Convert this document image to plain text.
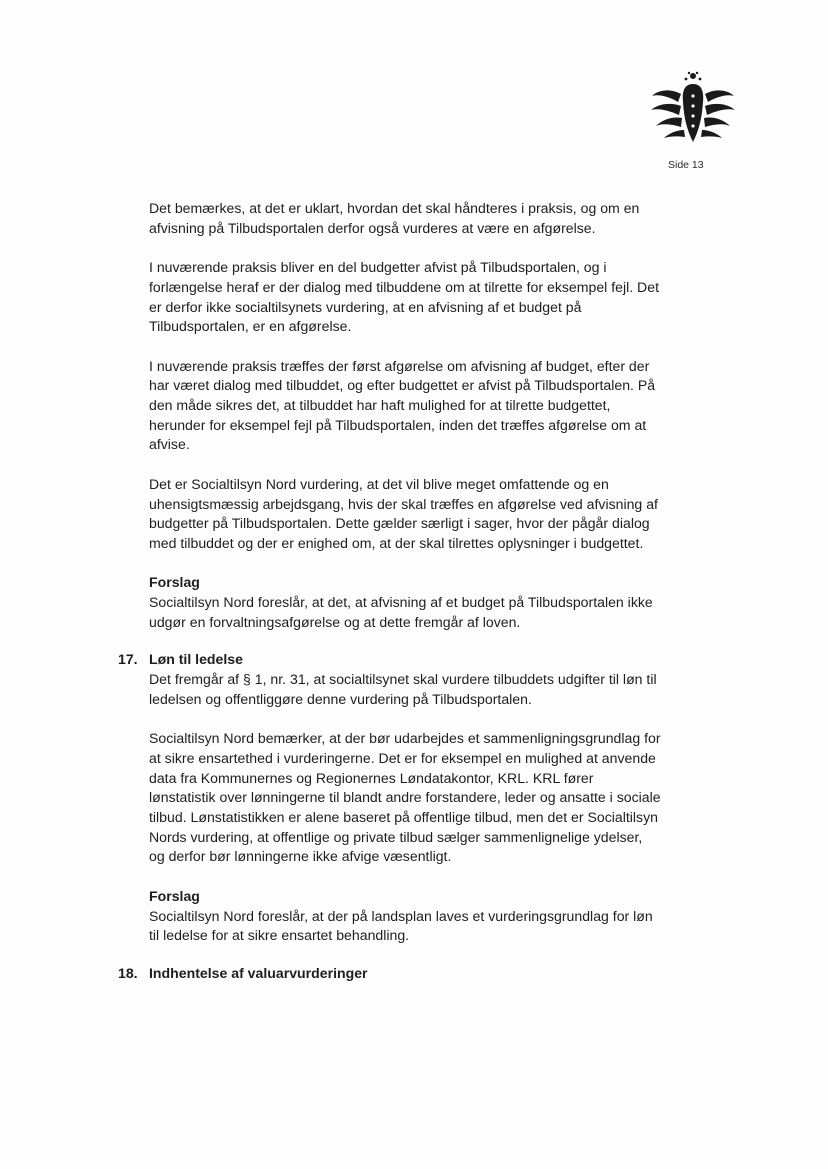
Side 13

Det bemærkes, at det er uklart, hvordan det skal håndteres i praksis, og om en afvisning på Tilbudsportalen derfor også vurderes at være en afgørelse.

I nuværende praksis bliver en del budgetter afvist på Tilbudsportalen, og i forlængelse heraf er der dialog med tilbuddene om at tilrette for eksempel fejl. Det er derfor ikke socialtilsynets vurdering, at en afvisning af et budget på Tilbudsportalen, er en afgørelse.

I nuværende praksis træffes der først afgørelse om afvisning af budget, efter der har været dialog med tilbuddet, og efter budgettet er afvist på Tilbudsportalen. På den måde sikres det, at tilbuddet har haft mulighed for at tilrette budgettet, herunder for eksempel fejl på Tilbudsportalen, inden det træffes afgørelse om at afvise.

Det er Socialtilsyn Nord vurdering, at det vil blive meget omfattende og en uhensigtsmæssig arbejdsgang, hvis der skal træffes en afgørelse ved afvisning af budgetter på Tilbudsportalen. Dette gælder særligt i sager, hvor der pågår dialog med tilbuddet og der er enighed om, at der skal tilrettes oplysninger i budgettet.

Forslag

Socialtilsyn Nord foreslår, at det, at afvisning af et budget på Tilbudsportalen ikke udgør en forvaltningsafgørelse og at dette fremgår af loven.

17. Løn til ledelse

Det fremgår af § 1, nr. 31, at socialtilsynet skal vurdere tilbuddets udgifter til løn til ledelsen og offentliggøre denne vurdering på Tilbudsportalen.

Socialtilsyn Nord bemærker, at der bør udarbejdes et sammenligningsgrundlag for at sikre ensartethed i vurderingerne. Det er for eksempel en mulighed at anvende data fra Kommunernes og Regionernes Løndatakontor, KRL. KRL fører lønstatistik over lønningerne til blandt andre forstandere, leder og ansatte i sociale tilbud. Lønstatistikken er alene baseret på offentlige tilbud, men det er Socialtilsyn Nords vurdering, at offentlige og private tilbud sælger sammenlignelige ydelser, og derfor bør lønningerne ikke afvige væsentligt.

Forslag

Socialtilsyn Nord foreslår, at der på landsplan laves et vurderingsgrundlag for løn til ledelse for at sikre ensartet behandling.

18. Indhentelse af valuarvurderinger
